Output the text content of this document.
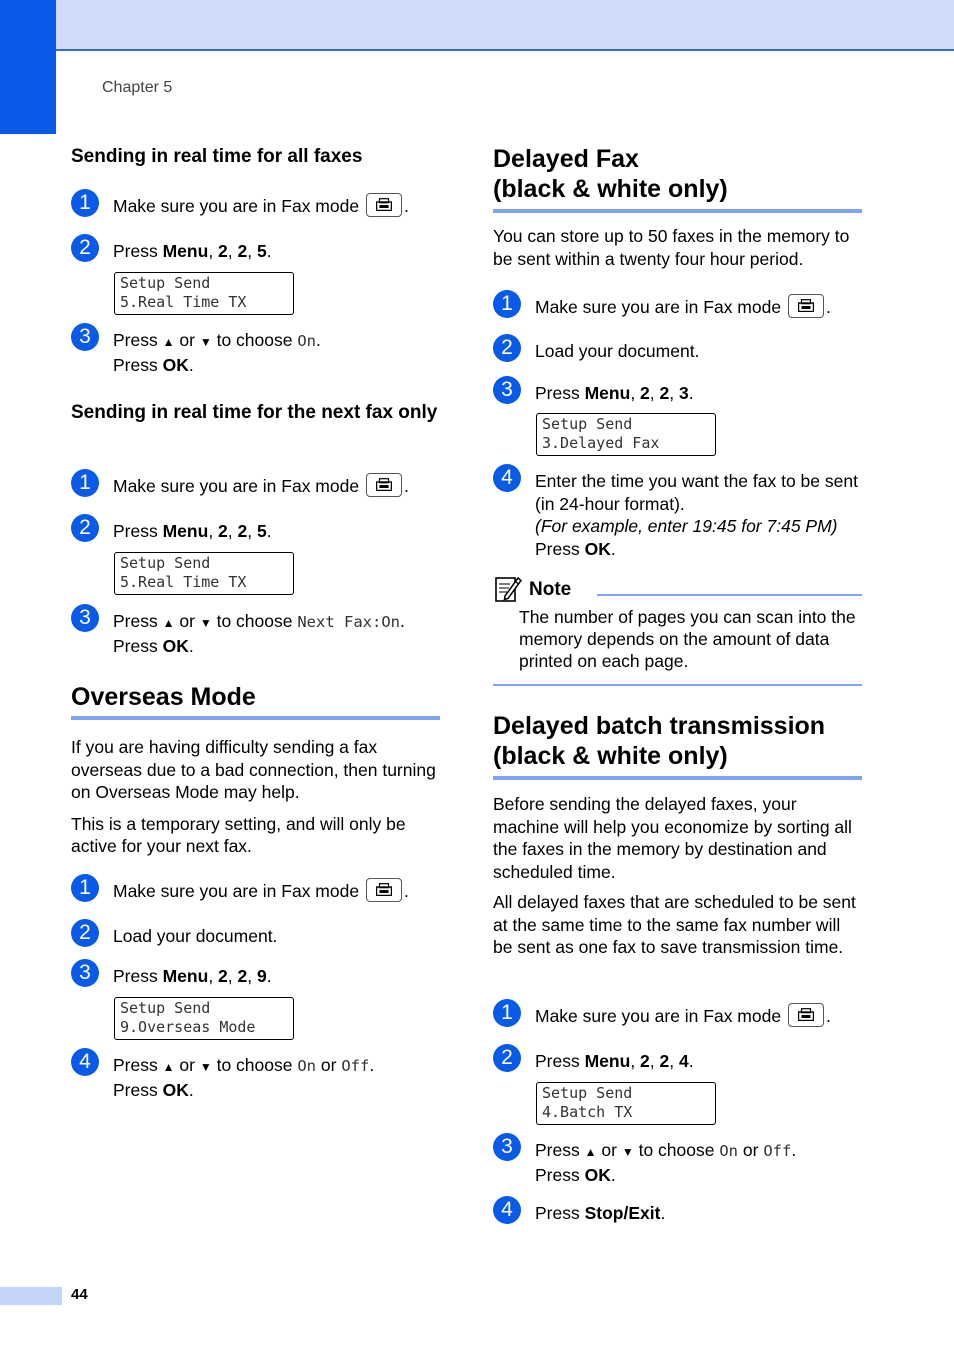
Chapter 5
44

Sending in real time for all faxes

1	Make sure you are in Fax mode	.
2	Press Menu, 2, 2, 5.
Setup Send
5.Real Time TX
3	Press ▲ or ▼ to choose On.
Press OK.

Sending in real time for the next fax only

1	Make sure you are in Fax mode	.
2	Press Menu, 2, 2, 5.
Setup Send
5.Real Time TX
3	Press ▲ or ▼ to choose Next Fax:On.
Press OK.

Overseas Mode

If you are having difficulty sending a fax overseas due to a bad connection, then turning on Overseas Mode may help.

This is a temporary setting, and will only be active for your next fax.

1	Make sure you are in Fax mode	.
2	Load your document.
3	Press Menu, 2, 2, 9.
Setup Send
9.Overseas Mode
4	Press ▲ or ▼ to choose On or Off.
Press OK.

Delayed Fax
(black & white only)

You can store up to 50 faxes in the memory to be sent within a twenty four hour period.

1	Make sure you are in Fax mode	.
2	Load your document.
3	Press Menu, 2, 2, 3.
Setup Send
3.Delayed Fax
4	Enter the time you want the fax to be sent (in 24-hour format).
(For example, enter 19:45 for 7:45 PM)
Press OK.
Note
The number of pages you can scan into the memory depends on the amount of data printed on each page.

Delayed batch transmission
(black & white only)

Before sending the delayed faxes, your machine will help you economize by sorting all the faxes in the memory by destination and scheduled time.

All delayed faxes that are scheduled to be sent at the same time to the same fax number will be sent as one fax to save transmission time.

1	Make sure you are in Fax mode	.
2	Press Menu, 2, 2, 4.
Setup Send
4.Batch TX
3	Press ▲ or ▼ to choose On or Off.
Press OK.
4	Press Stop/Exit.
